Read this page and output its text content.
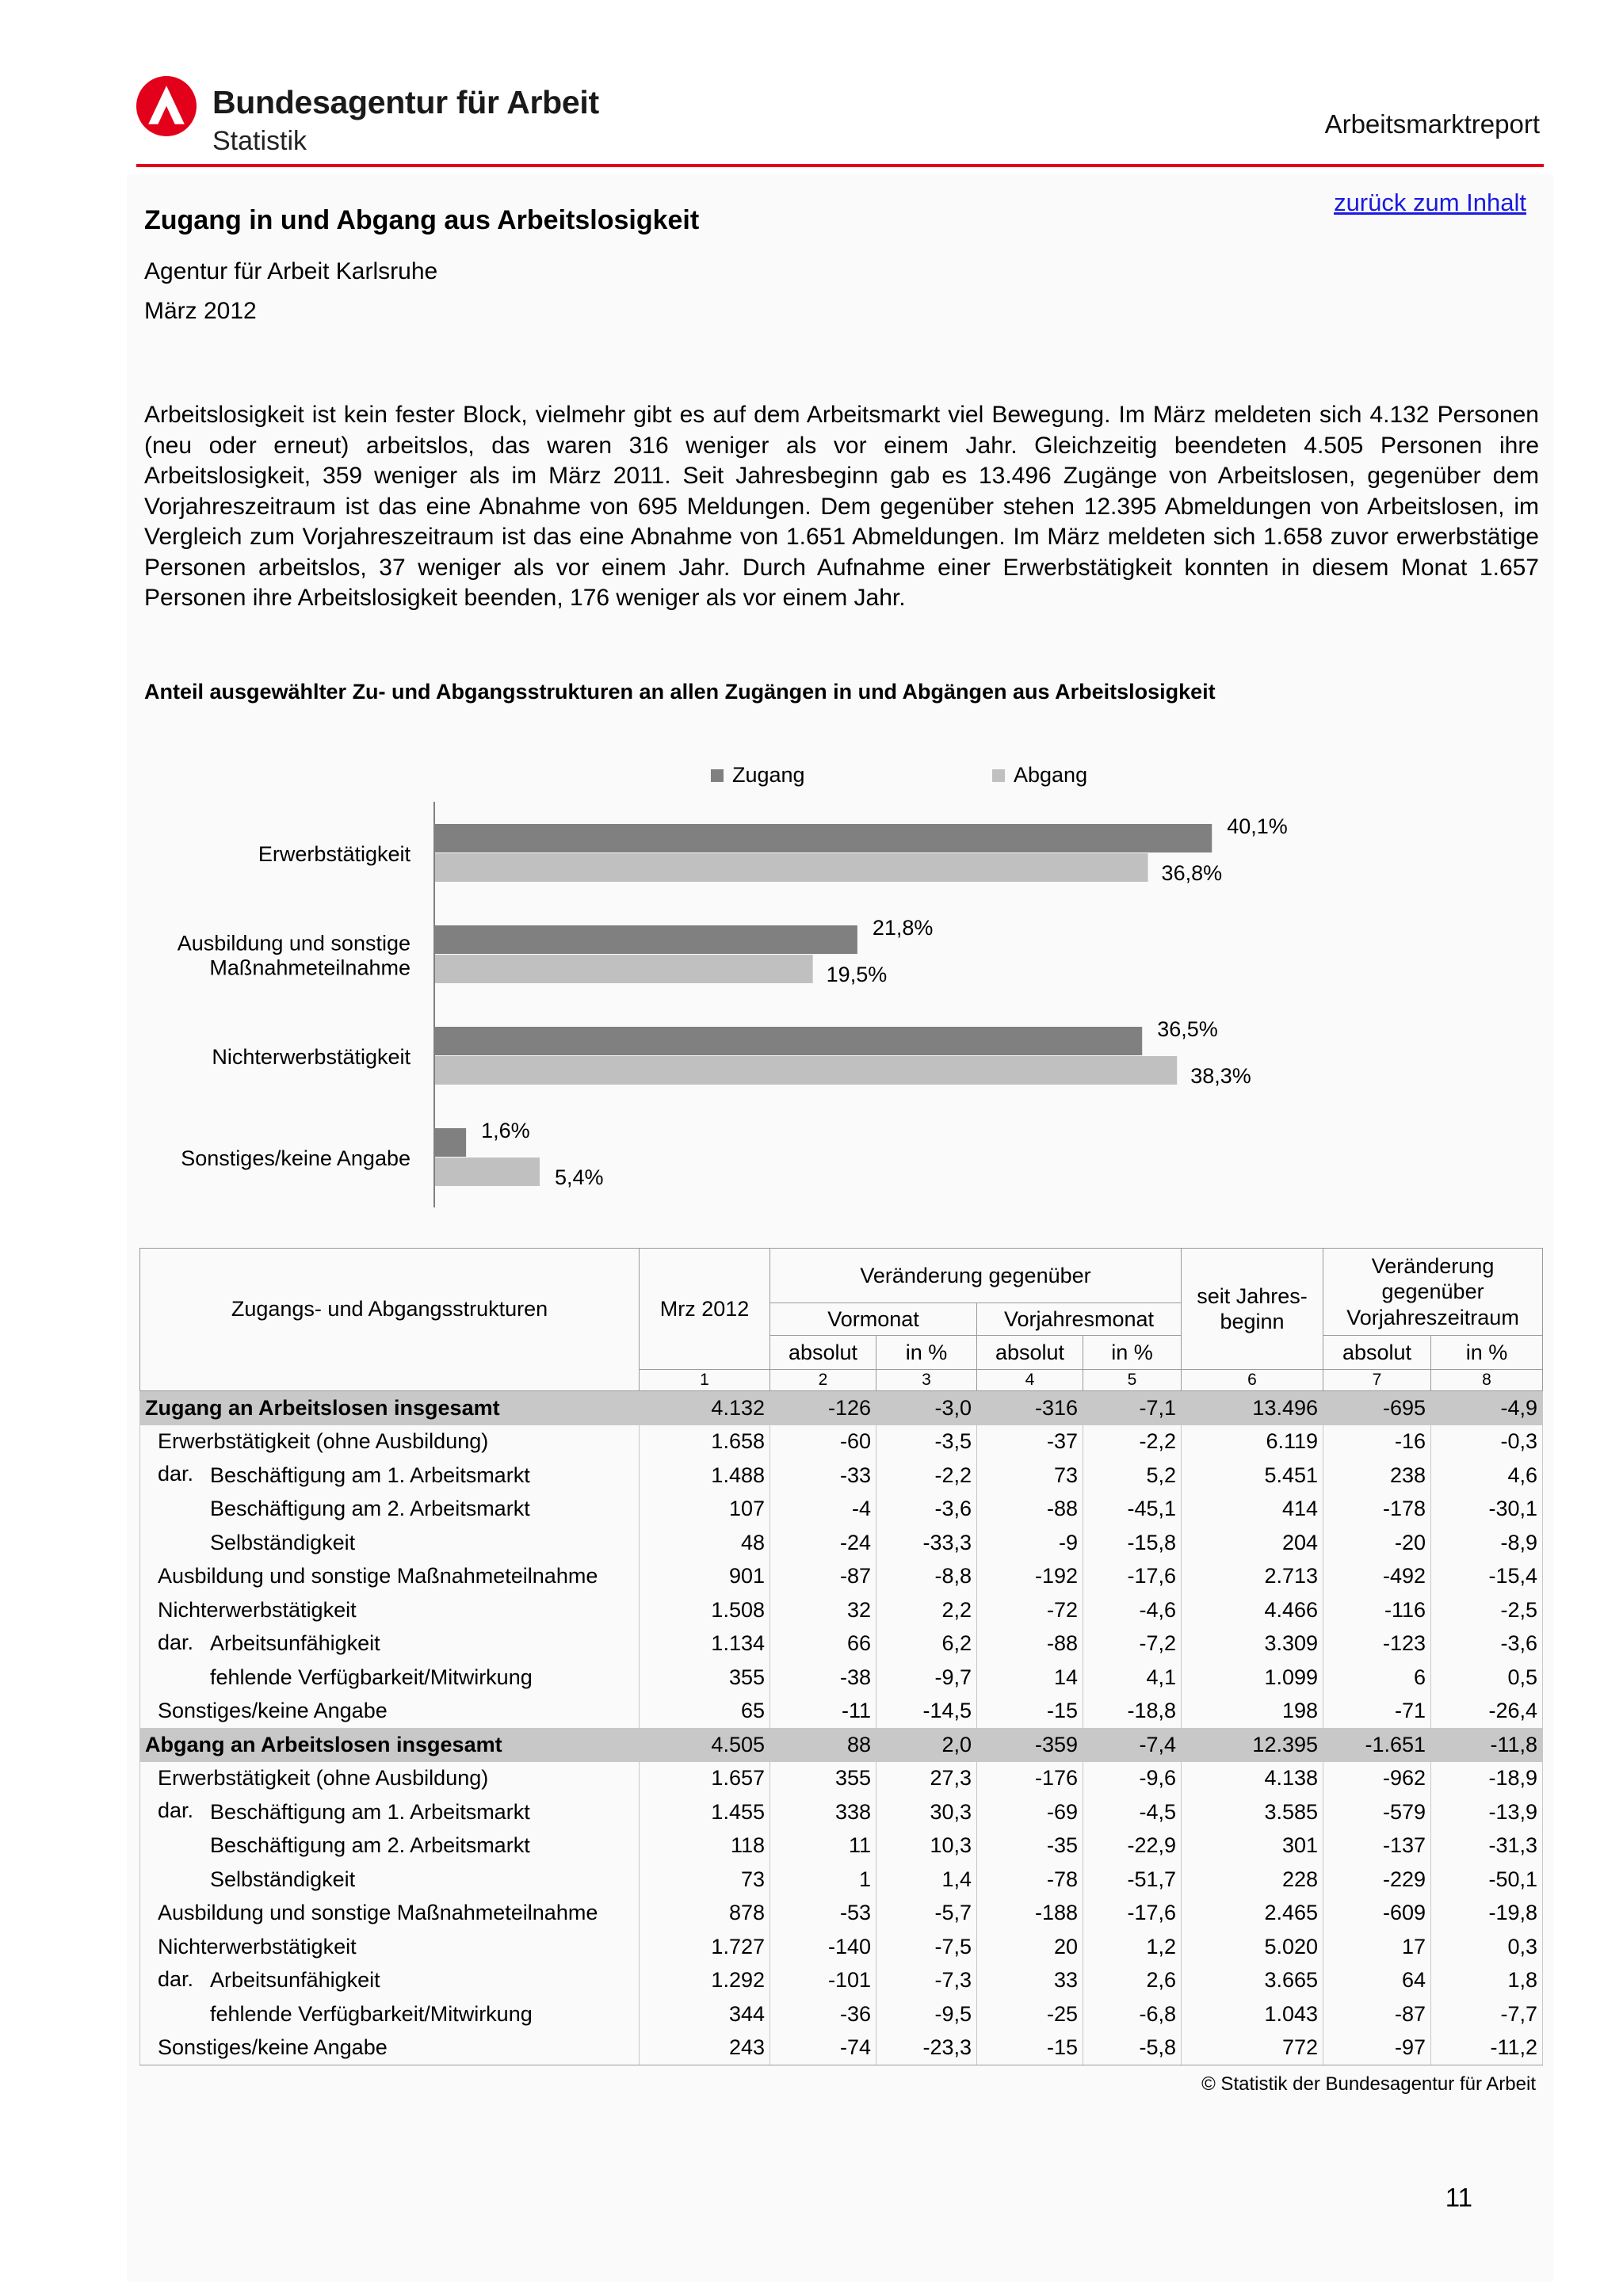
Bundesagentur für Arbeit
Statistik
Arbeitsmarktreport
zurück zum Inhalt
Zugang in und Abgang aus Arbeitslosigkeit
Agentur für Arbeit Karlsruhe
März 2012
Arbeitslosigkeit ist kein fester Block, vielmehr gibt es auf dem Arbeitsmarkt viel Bewegung. Im März meldeten sich 4.132 Personen (neu oder erneut) arbeitslos, das waren 316 weniger als vor einem Jahr. Gleichzeitig beendeten 4.505 Personen ihre Arbeitslosigkeit, 359 weniger als im März 2011. Seit Jahresbeginn gab es 13.496 Zugänge von Arbeitslosen, gegenüber dem Vorjahreszeitraum ist das eine Abnahme von 695 Meldungen. Dem gegenüber stehen 12.395 Abmeldungen von Arbeitslosen, im Vergleich zum Vorjahreszeitraum ist das eine Abnahme von 1.651 Abmeldungen. Im März meldeten sich 1.658 zuvor erwerbstätige Personen arbeitslos, 37 weniger als vor einem Jahr. Durch Aufnahme einer Erwerbstätigkeit konnten in diesem Monat 1.657 Personen ihre Arbeitslosigkeit beenden, 176 weniger als vor einem Jahr.
Anteil ausgewählter Zu- und Abgangsstrukturen an allen Zugängen in und Abgängen aus Arbeitslosigkeit
Zugang	Abgang
40,1%
36,8%
Erwerbstätigkeit
21,8%
19,5%
Ausbildung und sonstige
Maßnahmeteilnahme
36,5%
38,3%
Nichterwerbstätigkeit
1,6%
5,4%
Sonstiges/keine Angabe
Zugangs- und Abgangsstrukturen	Mrz 2012	Veränderung gegenüber				seit Jahres-beginn	Veränderung gegenüber Vorjahreszeitraum	
		Vormonat		Vorjahresmonat				
		absolut	in %	absolut	in %		absolut	in %
	1	2	3	4	5	6	7	8
Zugang an Arbeitslosen insgesamt	4.132	-126	-3,0	-316	-7,1	13.496	-695	-4,9
Erwerbstätigkeit (ohne Ausbildung)	1.658	-60	-3,5	-37	-2,2	6.119	-16	-0,3

dar. Beschäftigung am 1. Arbeitsmarkt	1.488	-33	-2,2	73	5,2	5.451	238	4,6
Beschäftigung am 2. Arbeitsmarkt	107	-4	-3,6	-88	-45,1	414	-178	-30,1
Selbständigkeit	48	-24	-33,3	-9	-15,8	204	-20	-8,9
Ausbildung und sonstige Maßnahmeteilnahme	901	-87	-8,8	-192	-17,6	2.713	-492	-15,4
Nichterwerbstätigkeit	1.508	32	2,2	-72	-4,6	4.466	-116	-2,5

dar. Arbeitsunfähigkeit	1.134	66	6,2	-88	-7,2	3.309	-123	-3,6
fehlende Verfügbarkeit/Mitwirkung	355	-38	-9,7	14	4,1	1.099	6	0,5
Sonstiges/keine Angabe	65	-11	-14,5	-15	-18,8	198	-71	-26,4
Abgang an Arbeitslosen insgesamt	4.505	88	2,0	-359	-7,4	12.395	-1.651	-11,8
Erwerbstätigkeit (ohne Ausbildung)	1.657	355	27,3	-176	-9,6	4.138	-962	-18,9

dar. Beschäftigung am 1. Arbeitsmarkt	1.455	338	30,3	-69	-4,5	3.585	-579	-13,9
Beschäftigung am 2. Arbeitsmarkt	118	11	10,3	-35	-22,9	301	-137	-31,3
Selbständigkeit	73	1	1,4	-78	-51,7	228	-229	-50,1
Ausbildung und sonstige Maßnahmeteilnahme	878	-53	-5,7	-188	-17,6	2.465	-609	-19,8
Nichterwerbstätigkeit	1.727	-140	-7,5	20	1,2	5.020	17	0,3

dar. Arbeitsunfähigkeit	1.292	-101	-7,3	33	2,6	3.665	64	1,8
fehlende Verfügbarkeit/Mitwirkung	344	-36	-9,5	-25	-6,8	1.043	-87	-7,7
Sonstiges/keine Angabe	243	-74	-23,3	-15	-5,8	772	-97	-11,2
© Statistik der Bundesagentur für Arbeit
11
